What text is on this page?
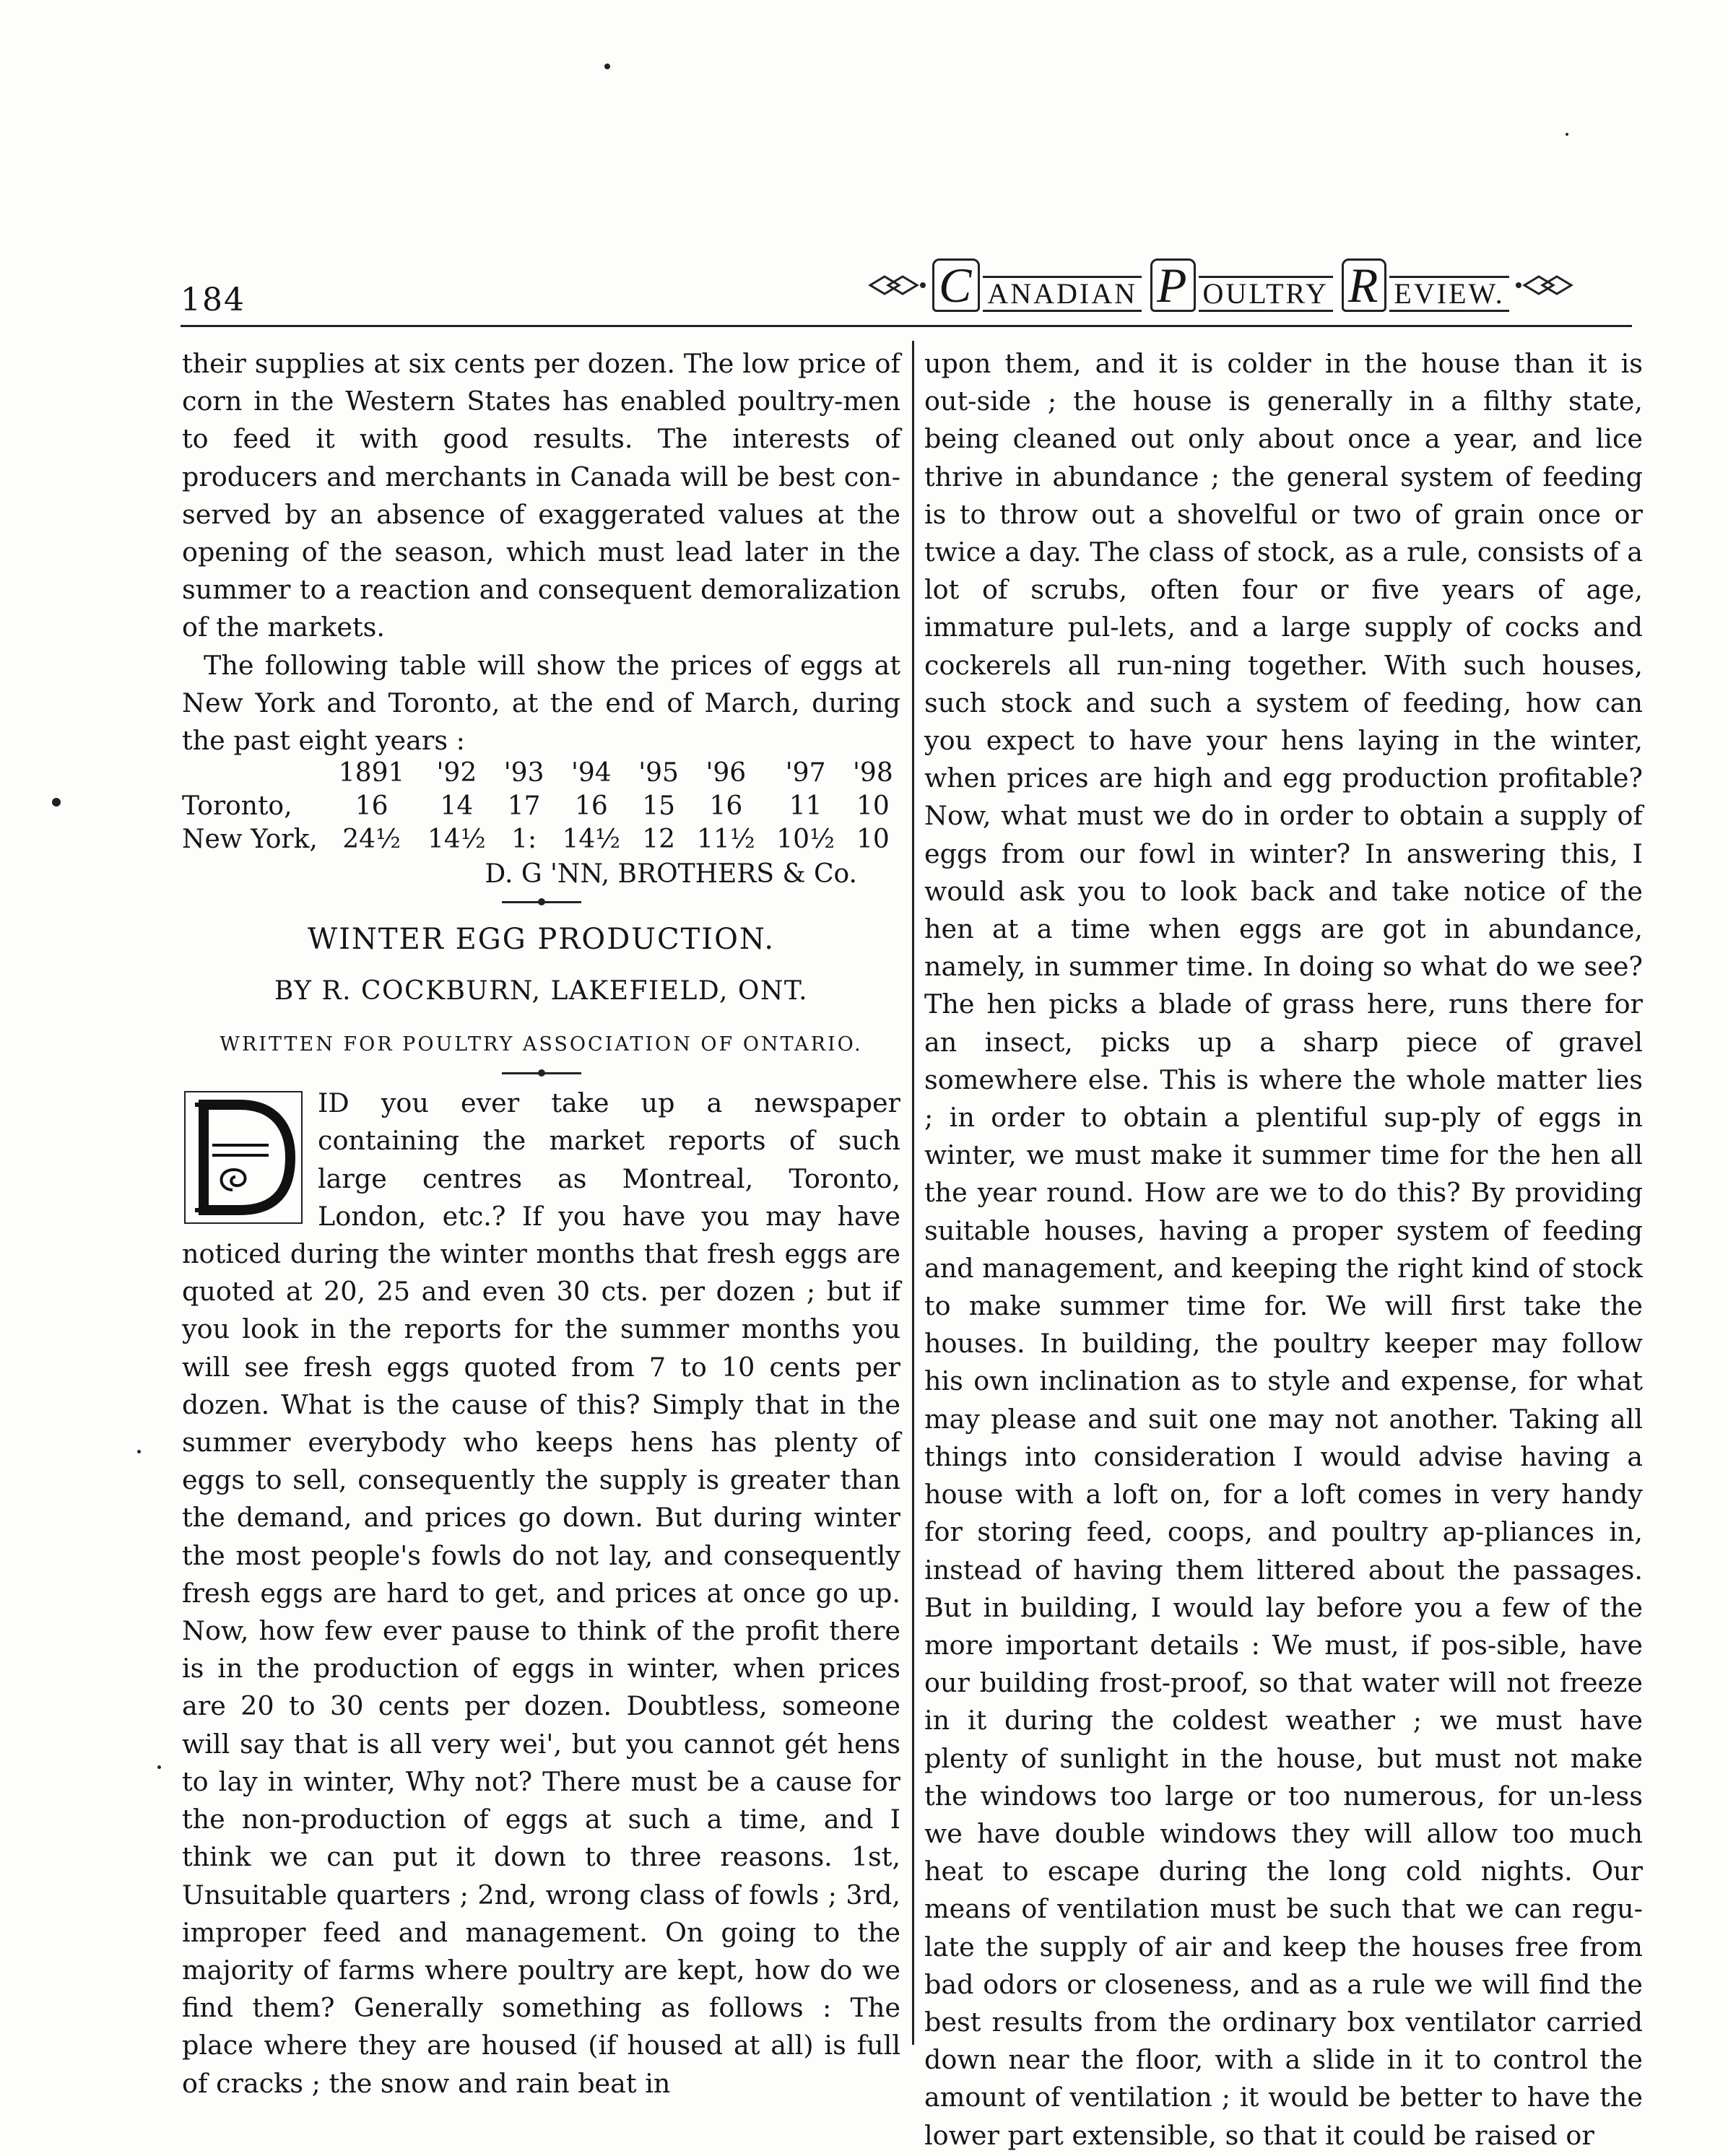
184	C ANADIAN P OULTRY R EVIEW.

their supplies at six cents per dozen. The low price of corn in the Western States has enabled poultry-men to feed it with good results. The interests of producers and merchants in Canada will be best con-served by an absence of exaggerated values at the opening of the season, which must lead later in the summer to a reaction and consequent demoralization of the markets.

The following table will show the prices of eggs at New York and Toronto, at the end of March, during the past eight years :

	1891	'92	'93	'94	'95	'96	'97	'98
Toronto,	16	14	17	16	15	16	11	10
New York,	24½	14½	1:	14½	12	11½	10½	10
D. G 'NN, BROTHERS & Co.
WINTER EGG PRODUCTION.
BY R. COCKBURN, LAKEFIELD, ONT.
WRITTEN FOR POULTRY ASSOCIATION OF ONTARIO.

ID you ever take up a newspaper containing the market reports of such large centres as Montreal, Toronto, London, etc.? If you have you may have noticed during the winter months that fresh eggs are quoted at 20, 25 and even 30 cts. per dozen ; but if you look in the reports for the summer months you will see fresh eggs quoted from 7 to 10 cents per dozen. What is the cause of this? Simply that in the summer everybody who keeps hens has plenty of eggs to sell, consequently the supply is greater than the demand, and prices go down. But during winter the most people's fowls do not lay, and consequently fresh eggs are hard to get, and prices at once go up. Now, how few ever pause to think of the profit there is in the production of eggs in winter, when prices are 20 to 30 cents per dozen. Doubtless, someone will say that is all very wei', but you cannot gét hens to lay in winter, Why not? There must be a cause for the non-production of eggs at such a time, and I think we can put it down to three reasons. 1st, Unsuitable quarters ; 2nd, wrong class of fowls ; 3rd, improper feed and management. On going to the majority of farms where poultry are kept, how do we find them? Generally something as follows : The place where they are housed (if housed at all) is full of cracks ; the snow and rain beat in

upon them, and it is colder in the house than it is out-side ; the house is generally in a filthy state, being cleaned out only about once a year, and lice thrive in abundance ; the general system of feeding is to throw out a shovelful or two of grain once or twice a day. The class of stock, as a rule, consists of a lot of scrubs, often four or five years of age, immature pul-lets, and a large supply of cocks and cockerels all run-ning together. With such houses, such stock and such a system of feeding, how can you expect to have your hens laying in the winter, when prices are high and egg production profitable? Now, what must we do in order to obtain a supply of eggs from our fowl in winter? In answering this, I would ask you to look back and take notice of the hen at a time when eggs are got in abundance, namely, in summer time. In doing so what do we see? The hen picks a blade of grass here, runs there for an insect, picks up a sharp piece of gravel somewhere else. This is where the whole matter lies ; in order to obtain a plentiful sup-ply of eggs in winter, we must make it summer time for the hen all the year round. How are we to do this? By providing suitable houses, having a proper system of feeding and management, and keeping the right kind of stock to make summer time for. We will first take the houses. In building, the poultry keeper may follow his own inclination as to style and expense, for what may please and suit one may not another. Taking all things into consideration I would advise having a house with a loft on, for a loft comes in very handy for storing feed, coops, and poultry ap-pliances in, instead of having them littered about the passages. But in building, I would lay before you a few of the more important details : We must, if pos-sible, have our building frost-proof, so that water will not freeze in it during the coldest weather ; we must have plenty of sunlight in the house, but must not make the windows too large or too numerous, for un-less we have double windows they will allow too much heat to escape during the long cold nights. Our means of ventilation must be such that we can regu-late the supply of air and keep the houses free from bad odors or closeness, and as a rule we will find the best results from the ordinary box ventilator carried down near the floor, with a slide in it to control the amount of ventilation ; it would be better to have the lower part extensible, so that it could be raised or
